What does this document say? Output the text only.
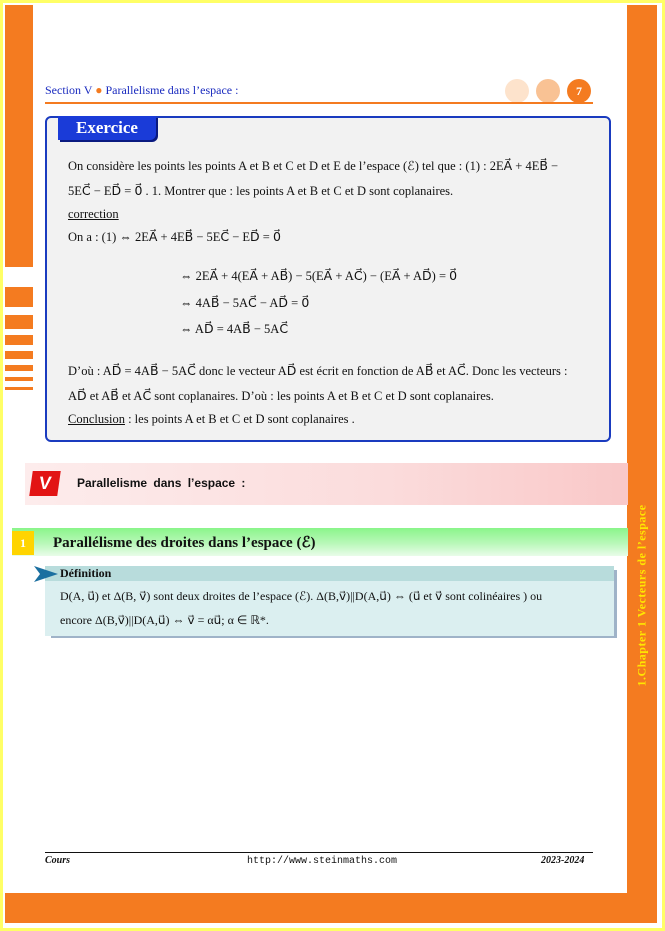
1.Chapter 1 Vecteurs de l’espace
Section V ● Parallelisme dans l’espace :	7
Exercice
On considère les points les points A et B et C et D et E de l’espace (ℰ) tel que : (1) : 2EA⃗ + 4EB⃗ −
5EC⃗ − ED⃗ = 0⃗ . 1. Montrer que : les points A et B et C et D sont coplanaires.
correction
On a : (1) ⇔ 2EA⃗ + 4EB⃗ − 5EC⃗ − ED⃗ = 0⃗
⇔ 2EA⃗ + 4(EA⃗ + AB⃗) − 5(EA⃗ + AC⃗) − (EA⃗ + AD⃗) = 0⃗
⇔ 4AB⃗ − 5AC⃗ − AD⃗ = 0⃗
⇔ AD⃗ = 4AB⃗ − 5AC⃗
D’où : AD⃗ = 4AB⃗ − 5AC⃗ donc le vecteur AD⃗ est écrit en fonction de AB⃗ et AC⃗. Donc les vecteurs :
AD⃗ et AB⃗ et AC⃗ sont coplanaires. D’où : les points A et B et C et D sont coplanaires.
Conclusion : les points A et B et C et D sont coplanaires .
V	Parallelisme dans l’espace :
1	Parallélisme des droites dans l’espace (ℰ)
Définition
D(A, u⃗) et Δ(B, v⃗) sont deux droites de l’espace (ℰ). Δ(B,v⃗)||D(A,u⃗) ⇔ (u⃗ et v⃗ sont colinéaires ) ou
encore Δ(B,v⃗)||D(A,u⃗) ⇔ v⃗ = αu⃗; α ∈ ℝ*.
Cours	http://www.steinmaths.com	2023-2024
